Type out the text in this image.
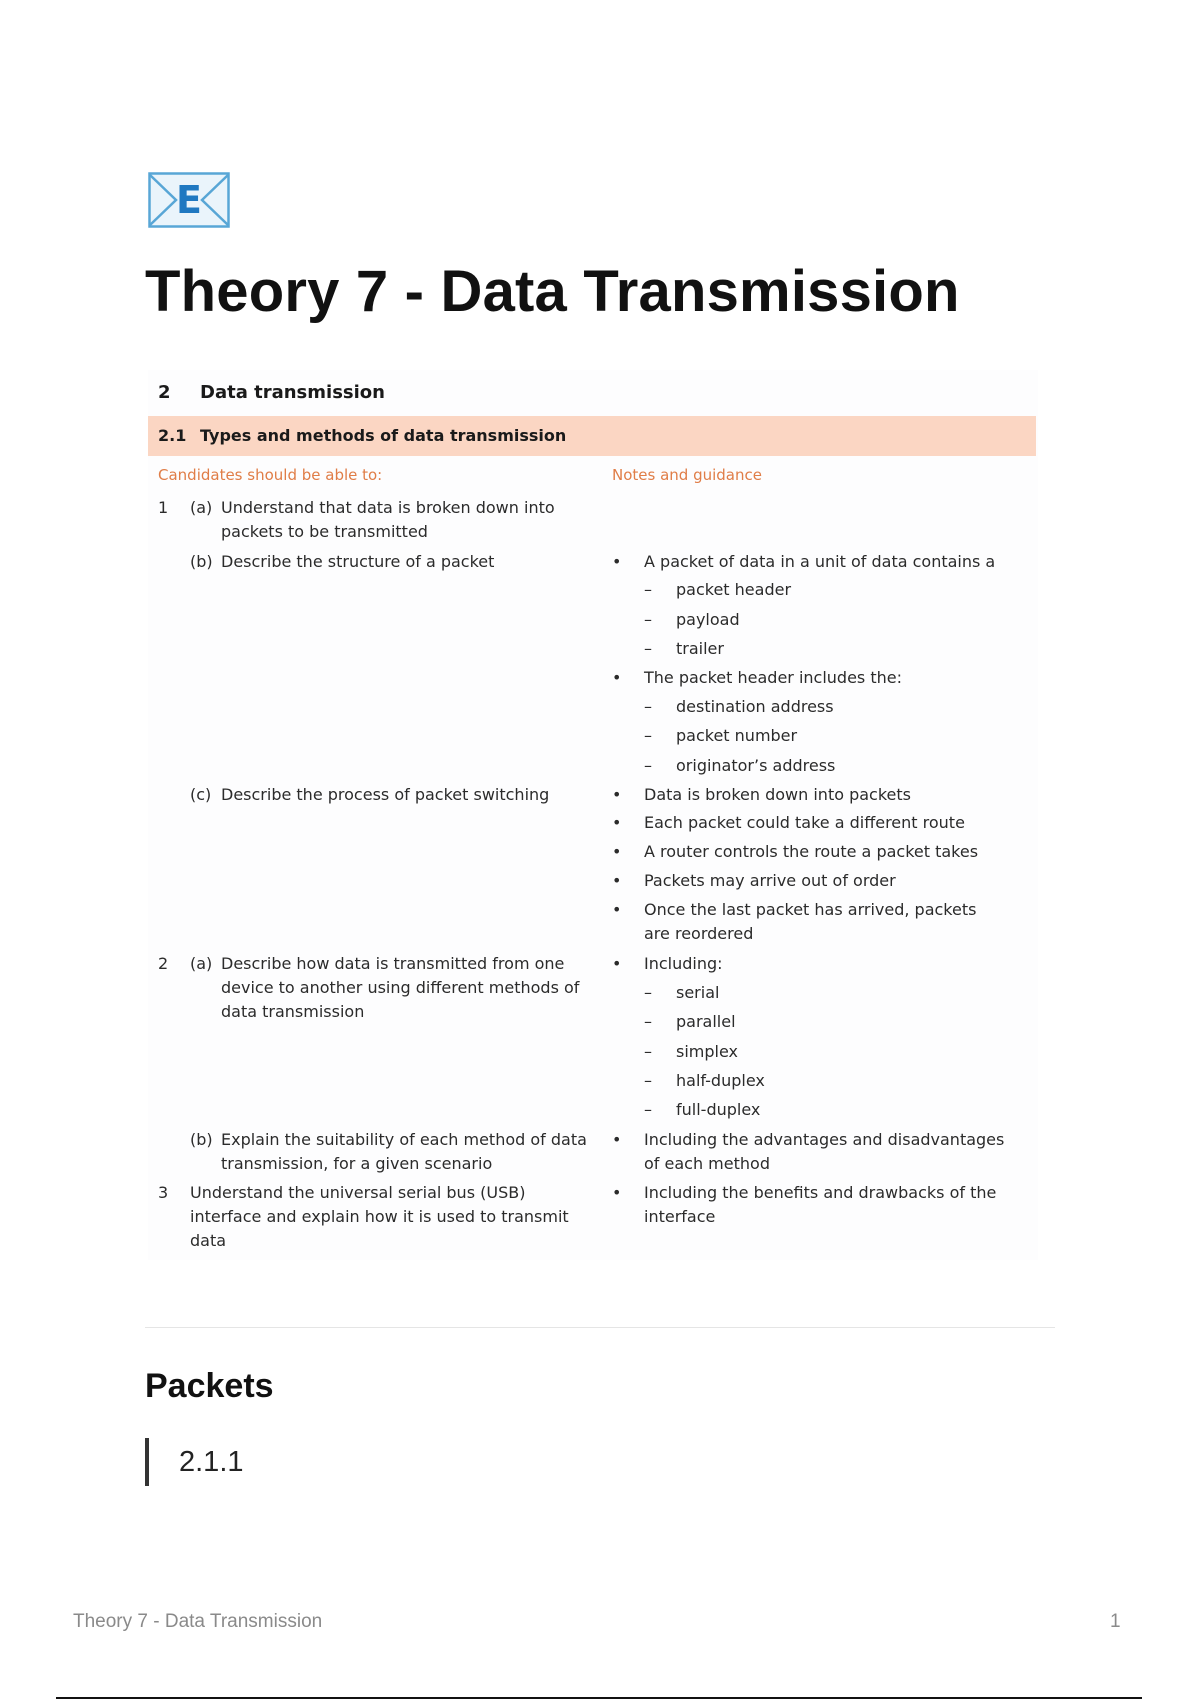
E
Theory 7 - Data Transmission
2 Data transmission
2.1 Types and methods of data transmission
Candidates should be able to:	Notes and guidance
1 (a) Understand that data is broken down into packets to be transmitted
(b) Describe the structure of a packet
(c) Describe the process of packet switching
2 (a) Describe how data is transmitted from one device to another using different methods of data transmission
(b) Explain the suitability of each method of data transmission, for a given scenario
3 Understand the universal serial bus (USB) interface and explain how it is used to transmit data
• A packet of data in a unit of data contains a
– packet header
– payload
– trailer
• The packet header includes the:
– destination address
– packet number
– originator’s address
• Data is broken down into packets
• Each packet could take a different route
• A router controls the route a packet takes
• Packets may arrive out of order
• Once the last packet has arrived, packets are reordered
• Including:
– serial
– parallel
– simplex
– half-duplex
– full-duplex
• Including the advantages and disadvantages of each method
• Including the benefits and drawbacks of the interface
Packets
2.1.1
Theory 7 - Data Transmission	1
